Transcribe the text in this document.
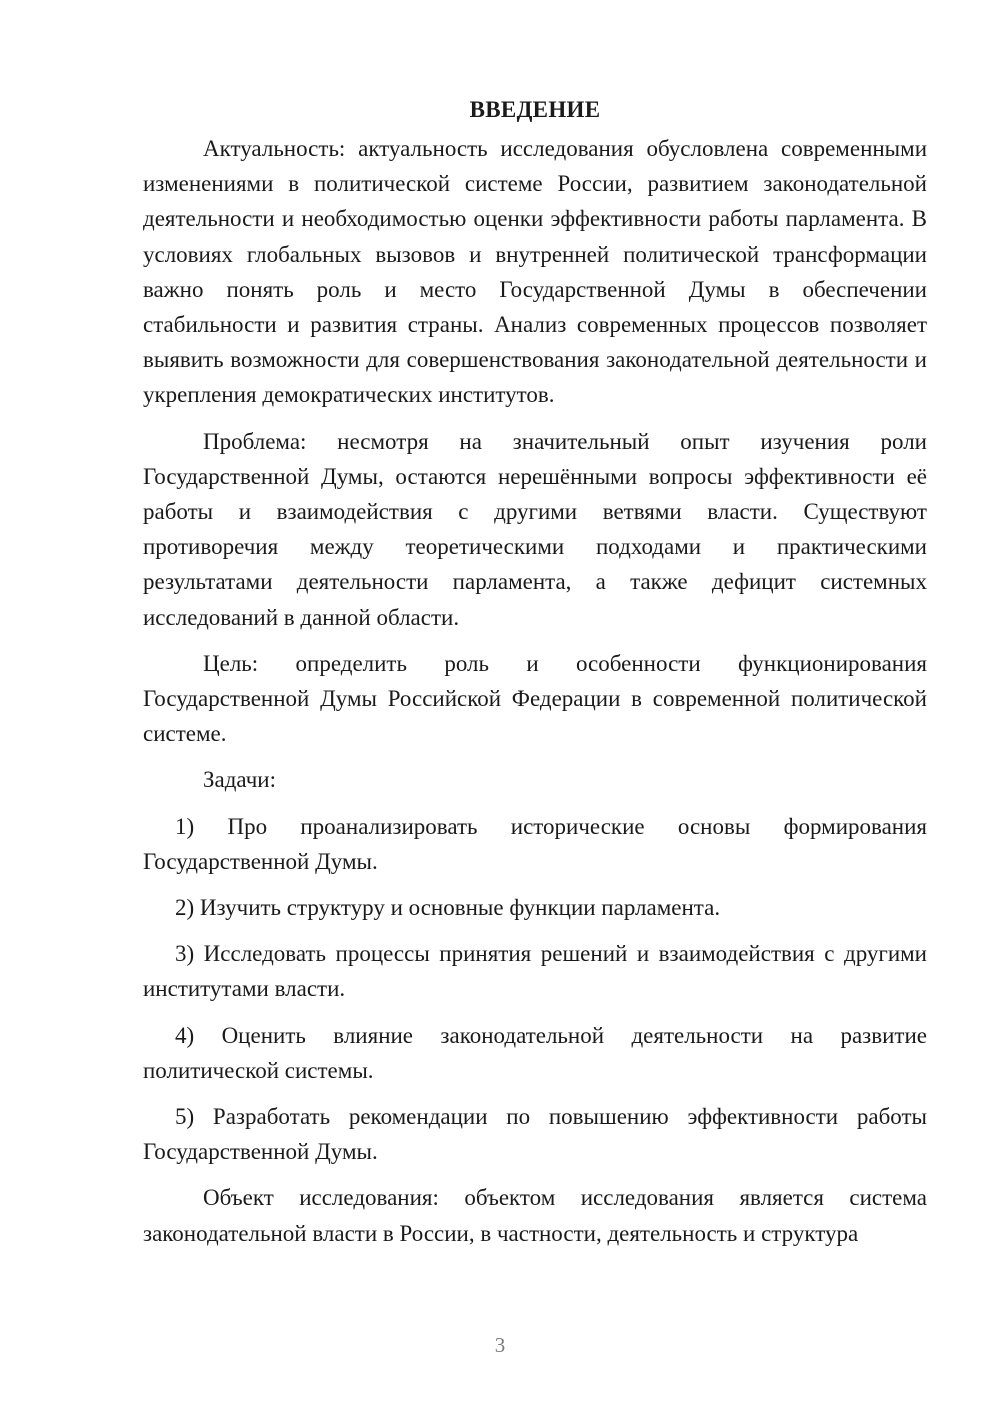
ВВЕДЕНИЕ

Актуальность: актуальность исследования обусловлена современными изменениями в политической системе России, развитием законодательной деятельности и необходимостью оценки эффективности работы парламента. В условиях глобальных вызовов и внутренней политической трансформации важно понять роль и место Государственной Думы в обеспечении стабильности и развития страны. Анализ современных процессов позволяет выявить возможности для совершенствования законодательной деятельности и укрепления демократических институтов.

Проблема: несмотря на значительный опыт изучения роли Государственной Думы, остаются нерешёнными вопросы эффективности её работы и взаимодействия с другими ветвями власти. Существуют противоречия между теоретическими подходами и практическими результатами деятельности парламента, а также дефицит системных исследований в данной области.

Цель: определить роль и особенности функционирования Государственной Думы Российской Федерации в современной политической системе.

Задачи:

1) Про проанализировать исторические основы формирования Государственной Думы.

2) Изучить структуру и основные функции парламента.

3) Исследовать процессы принятия решений и взаимодействия с другими институтами власти.

4) Оценить влияние законодательной деятельности на развитие политической системы.

5) Разработать рекомендации по повышению эффективности работы Государственной Думы.

Объект исследования: объектом исследования является система законодательной власти в России, в частности, деятельность и структура

3
